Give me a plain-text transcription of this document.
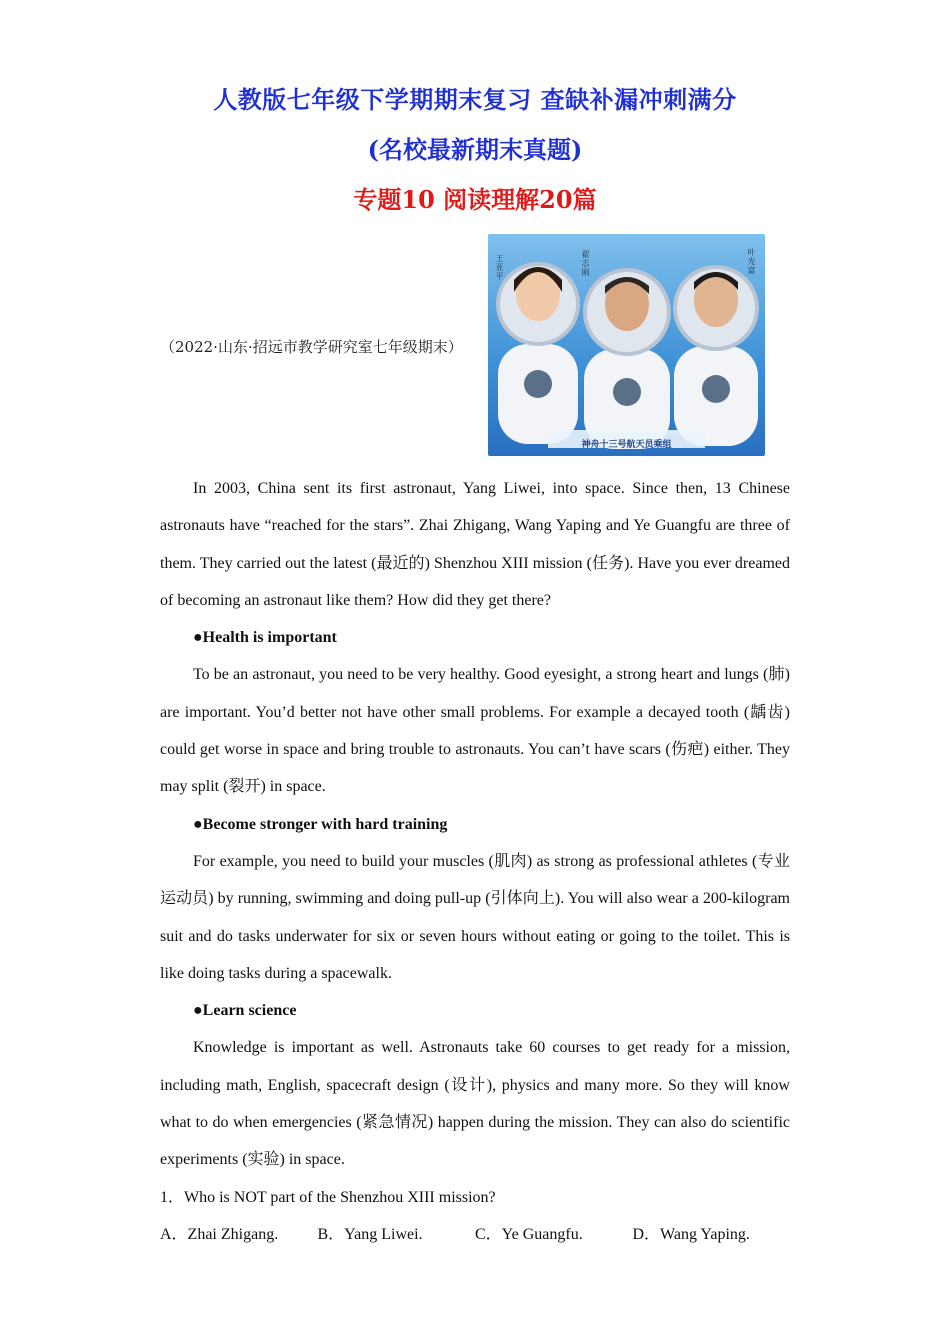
人教版七年级下学期期末复习 查缺补漏冲刺满分
(名校最新期末真题)
专题10 阅读理解20篇
（2022·山东·招远市教学研究室七年级期末）
王亚平	翟志刚	叶光富
神舟十三号航天员乘组

In 2003, China sent its first astronaut, Yang Liwei, into space. Since then, 13 Chinese astronauts have “reached for the stars”. Zhai Zhigang, Wang Yaping and Ye Guangfu are three of them. They carried out the latest (最近的) Shenzhou XIII mission (任务). Have you ever dreamed of becoming an astronaut like them? How did they get there?

●Health is important

To be an astronaut, you need to be very healthy. Good eyesight, a strong heart and lungs (肺) are important. You’d better not have other small problems. For example a decayed tooth (龋齿) could get worse in space and bring trouble to astronauts. You can’t have scars (伤疤) either. They may split (裂开) in space.

●Become stronger with hard training

For example, you need to build your muscles (肌肉) as strong as professional athletes (专业运动员) by running, swimming and doing pull-up (引体向上). You will also wear a 200-kilogram suit and do tasks underwater for six or seven hours without eating or going to the toilet. This is like doing tasks during a spacewalk.

●Learn science

Knowledge is important as well. Astronauts take 60 courses to get ready for a mission, including math, English, spacecraft design (设计), physics and many more. So they will know what to do when emergencies (紧急情况) happen during the mission. They can also do scientific experiments (实验) in space.

1．Who is NOT part of the Shenzhou XIII mission?

A．Zhai Zhigang.	B．Yang Liwei.	C．Ye Guangfu.	D．Wang Yaping.
